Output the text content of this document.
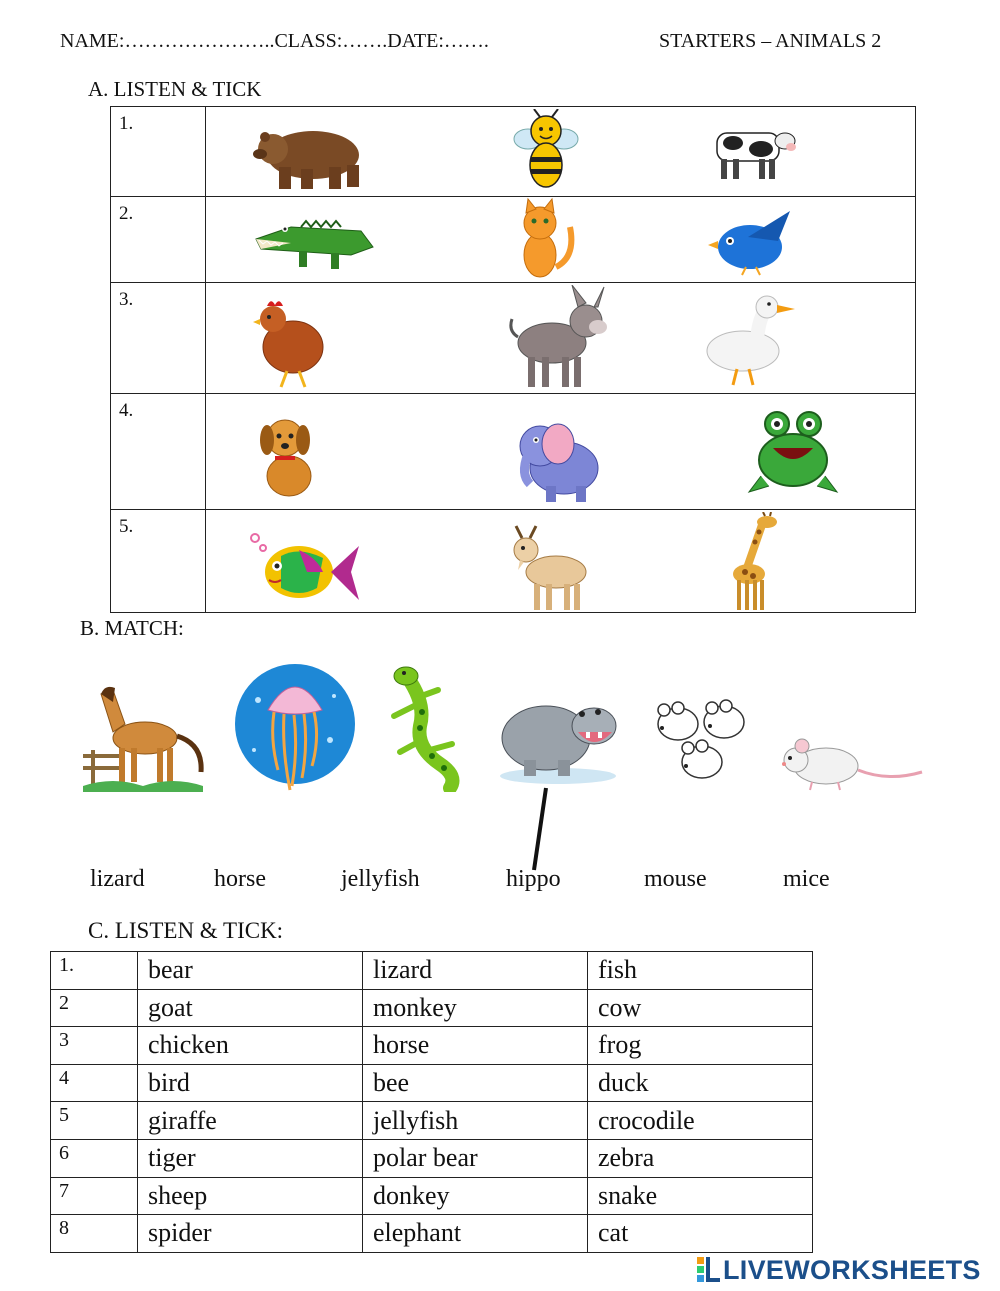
NAME:…………………..CLASS:…….DATE:…….	STARTERS – ANIMALS 2
A. LISTEN & TICK
1.
2.
3.
4.
5.
B. MATCH:
lizard	horse	jellyfish	hippo	mouse	mice
C. LISTEN & TICK:
1.	bear	lizard	fish
2	goat	monkey	cow
3	chicken	horse	frog
4	bird	bee	duck
5	giraffe	jellyfish	crocodile
6	tiger	polar bear	zebra
7	sheep	donkey	snake
8	spider	elephant	cat
LIVEWORKSHEETS
